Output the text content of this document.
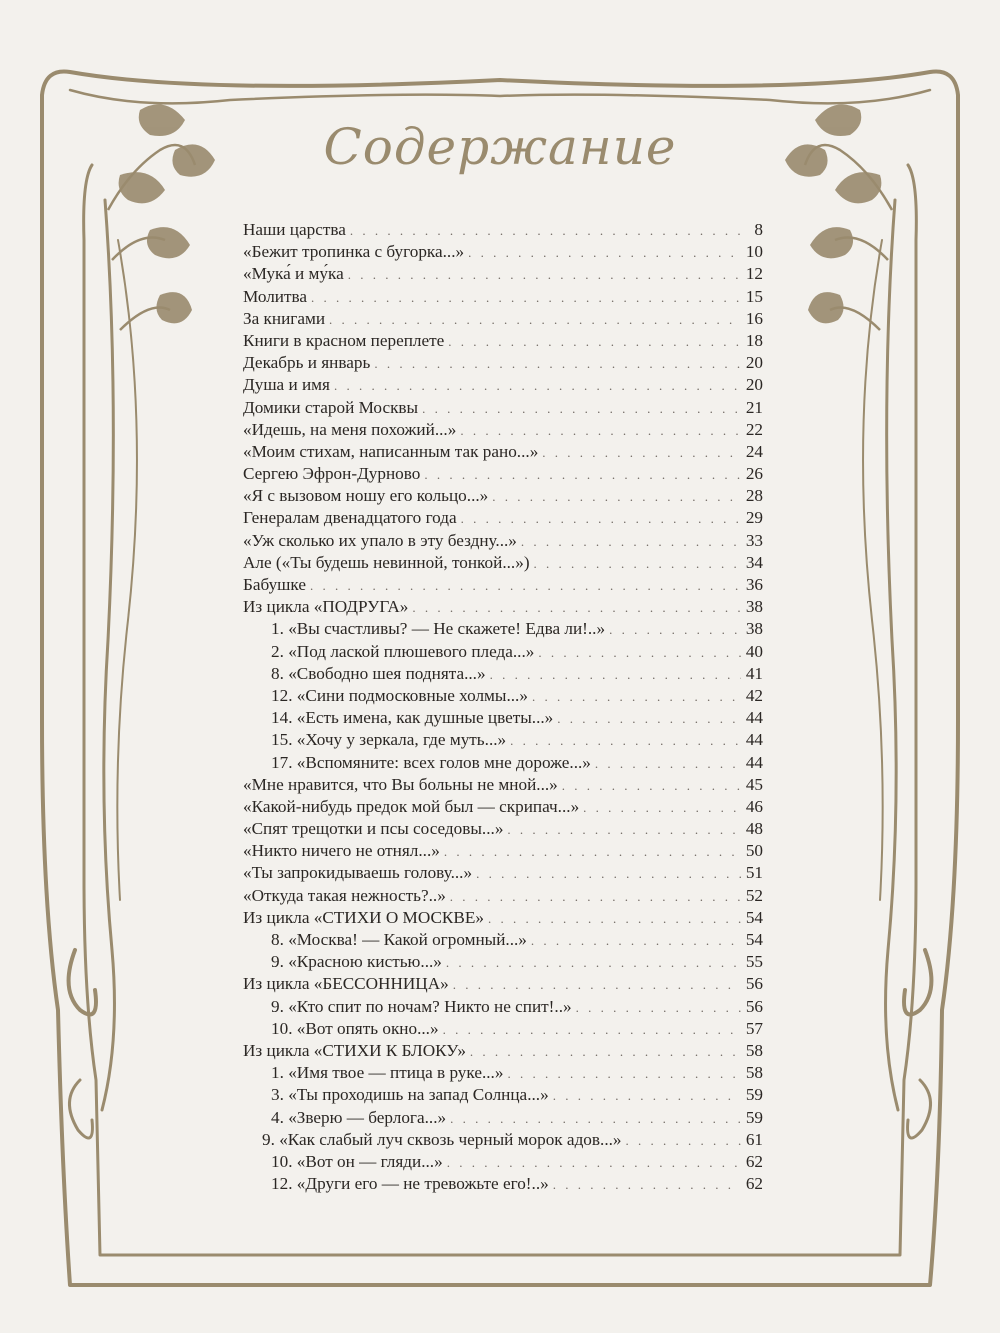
Содержание
Наши царства . . .	8
«Бежит тропинка с бугорка...» . . .	10
«Мука́ и му́ка . . .	12
Молитва . . .	15
За книгами . . .	16
Книги в красном переплете . . .	18
Декабрь и январь . . .	20
Душа и имя . . .	20
Домики старой Москвы . . .	21
«Идешь, на меня похожий...» . . .	22
«Моим стихам, написанным так рано...» . . .	24
Сергею Эфрон-Дурново . . .	26
«Я с вызовом ношу его кольцо...» . . .	28
Генералам двенадцатого года . . .	29
«Уж сколько их упало в эту бездну...» . . .	33
Але («Ты будешь невинной, тонкой...») . . .	34
Бабушке . . .	36
Из цикла «ПОДРУГА» . . .	38
1. «Вы счастливы? — Не скажете! Едва ли!..» . . .	38
2. «Под лаской плюшевого пледа...» . . .	40
8. «Свободно шея поднята...» . . .	41
12. «Сини подмосковные холмы...» . . .	42
14. «Есть имена, как душные цветы...» . . .	44
15. «Хочу у зеркала, где муть...» . . .	44
17. «Вспомяните: всех голов мне дороже...» . . .	44
«Мне нравится, что Вы больны не мной...» . . .	45
«Какой-нибудь предок мой был — скрипач...» . . .	46
«Спят трещотки и псы соседовы...» . . .	48
«Никто ничего не отнял...» . . .	50
«Ты запрокидываешь голову...» . . .	51
«Откуда такая нежность?..» . . .	52
Из цикла «СТИХИ О МОСКВЕ» . . .	54
8. «Москва! — Какой огромный...» . . .	54
9. «Красною кистью...» . . .	55
Из цикла «БЕССОННИЦА» . . .	56
9. «Кто спит по ночам? Никто не спит!..» . . .	56
10. «Вот опять окно...» . . .	57
Из цикла «СТИХИ К БЛОКУ» . . .	58
1. «Имя твое — птица в руке...» . . .	58
3. «Ты проходишь на запад Солнца...» . . .	59
4. «Зверю — берлога...» . . .	59
9. «Как слабый луч сквозь черный морок адов...» . . .	61
10. «Вот он — гляди...» . . .	62
12. «Други его — не тревожьте его!..» . . .	62
